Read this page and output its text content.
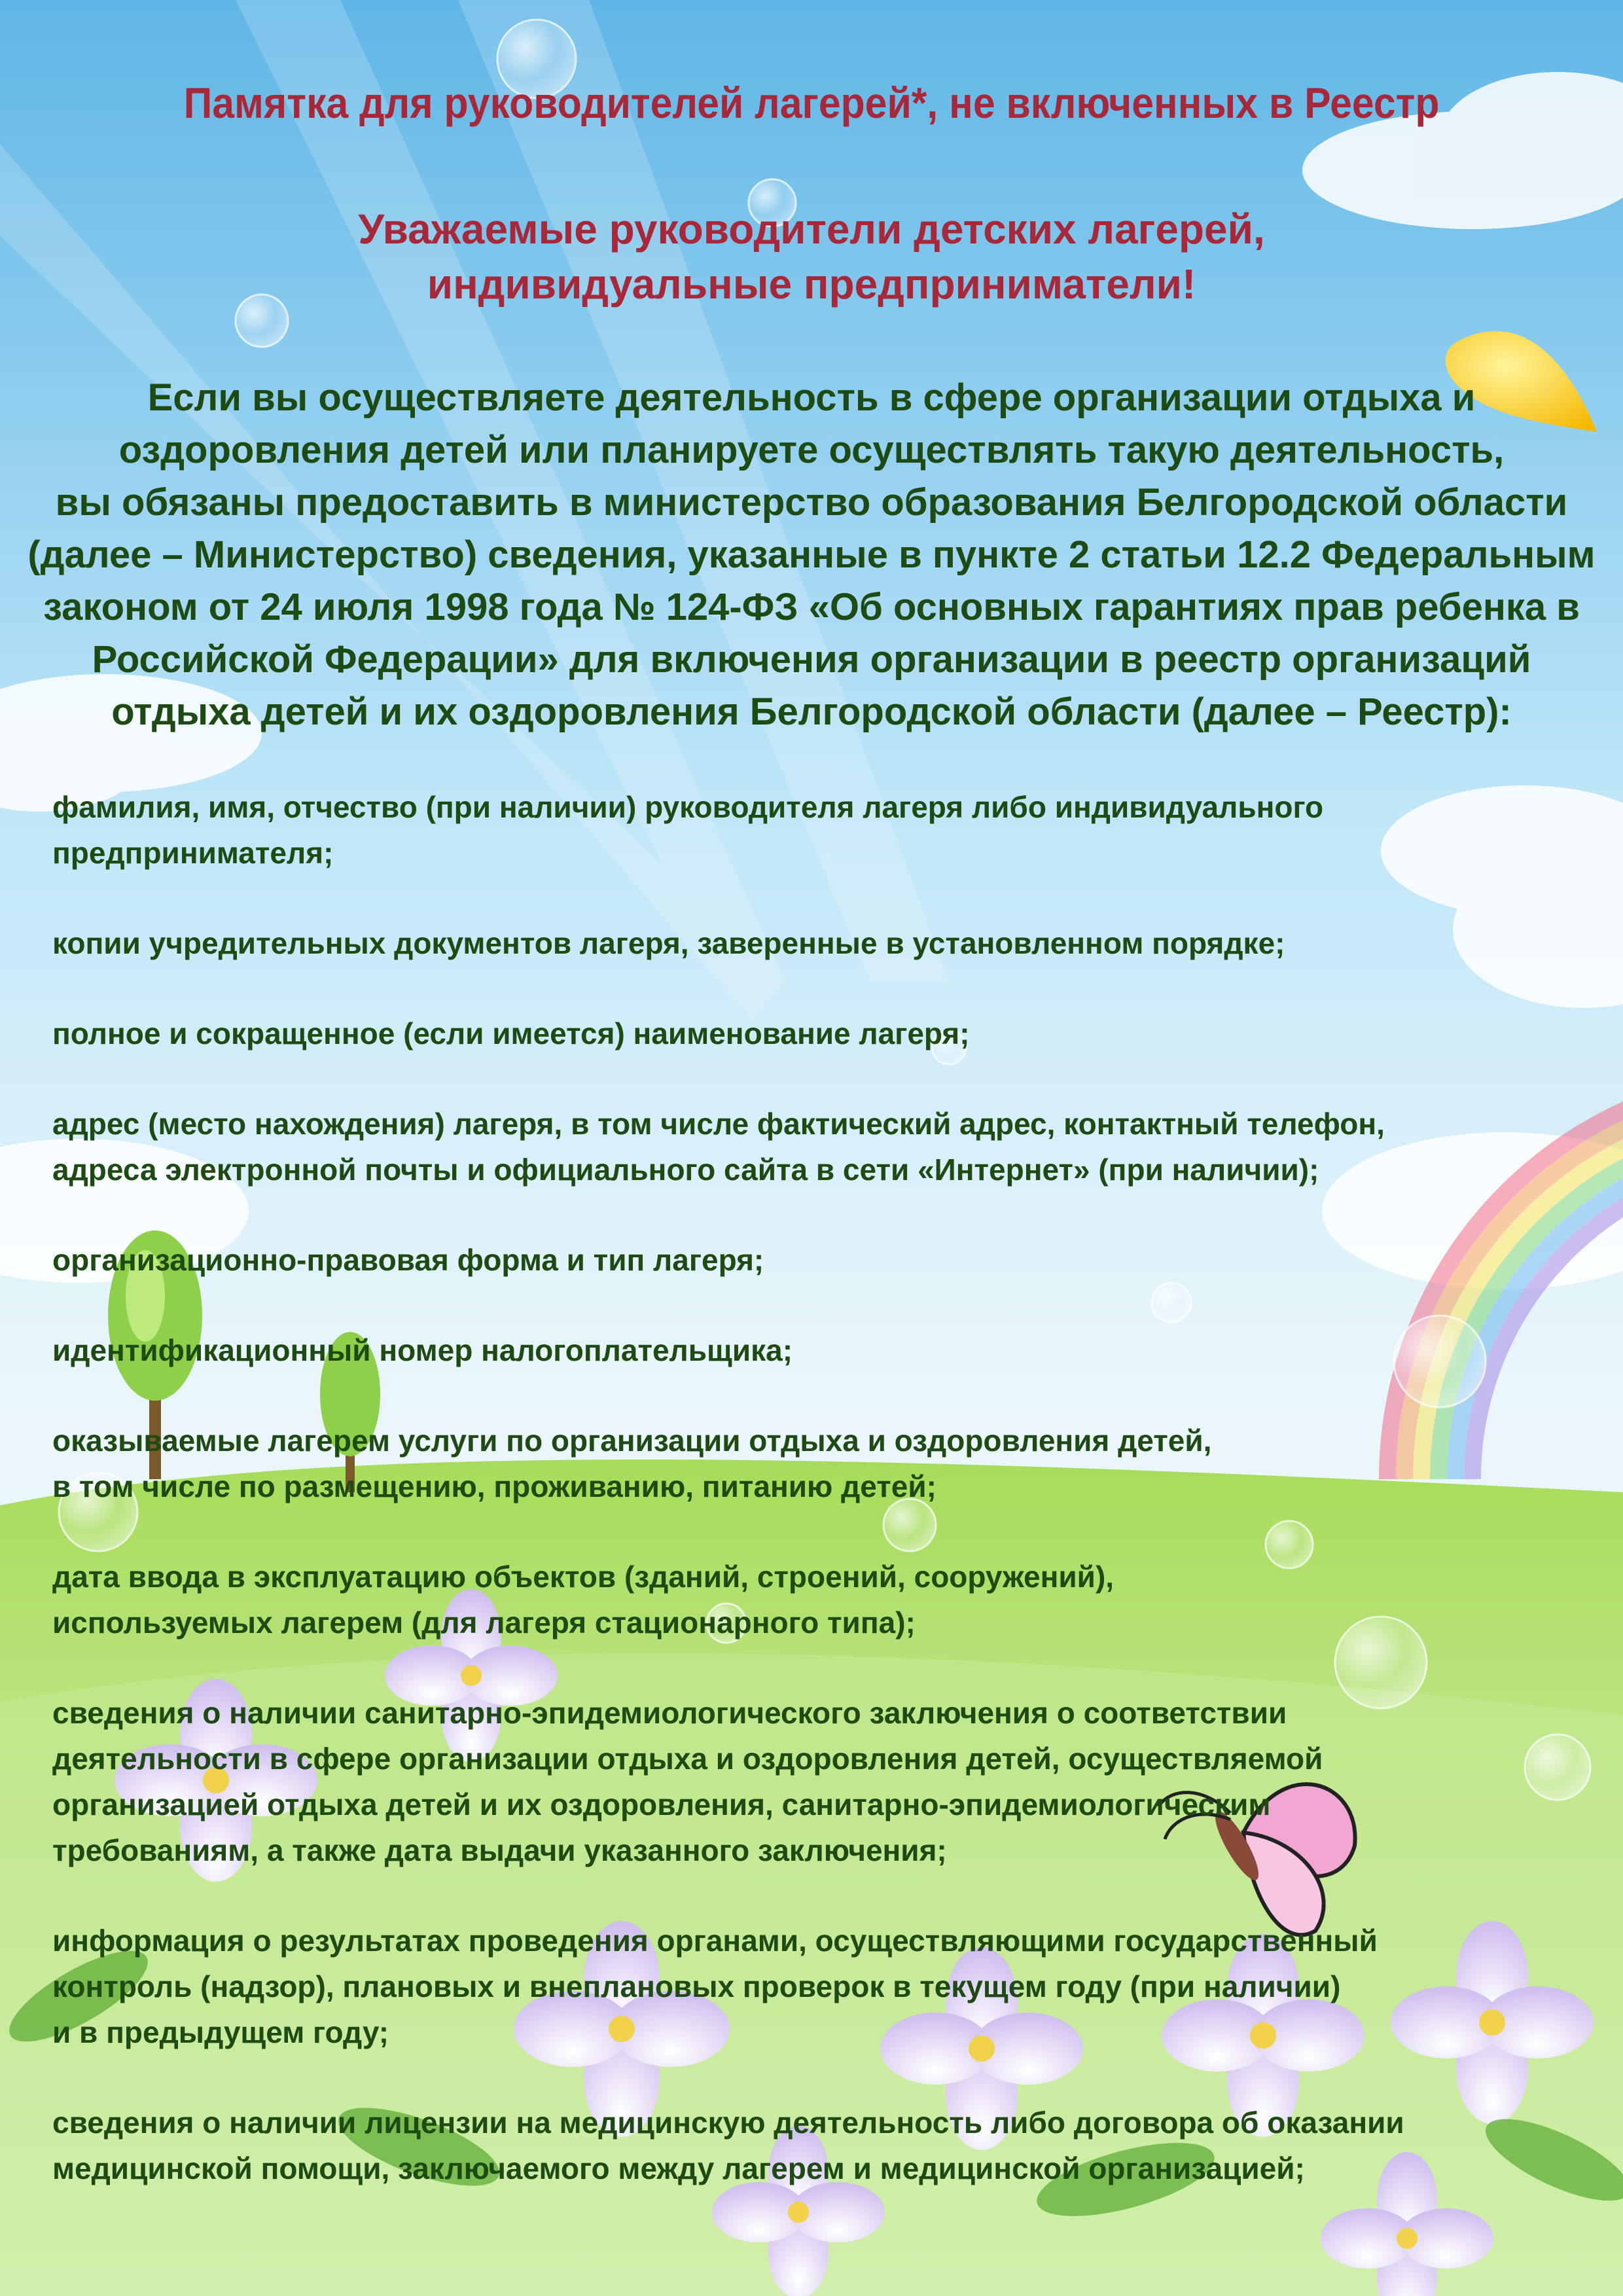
Памятка для руководителей лагерей*, не включенных в Реестр
Уважаемые руководители детских лагерей,
индивидуальные предприниматели!
Если вы осуществляете деятельность в сфере организации отдыха и
оздоровления детей или планируете осуществлять такую деятельность,
вы обязаны предоставить в министерство образования Белгородской области
(далее – Министерство) сведения, указанные в пункте 2 статьи 12.2 Федеральным
законом от 24 июля 1998 года № 124-ФЗ «Об основных гарантиях прав ребенка в
Российской Федерации» для включения организации в реестр организаций
отдыха детей и их оздоровления Белгородской области (далее – Реестр):
фамилия, имя, отчество (при наличии) руководителя лагеря либо индивидуального
предпринимателя;
копии учредительных документов лагеря, заверенные в установленном порядке;
полное и сокращенное (если имеется) наименование лагеря;
адрес (место нахождения) лагеря, в том числе фактический адрес, контактный телефон,
адреса электронной почты и официального сайта в сети «Интернет» (при наличии);
организационно-правовая форма и тип лагеря;
идентификационный номер налогоплательщика;
оказываемые лагерем услуги по организации отдыха и оздоровления детей,
в том числе по размещению, проживанию, питанию детей;
дата ввода в эксплуатацию объектов (зданий, строений, сооружений),
используемых лагерем (для лагеря стационарного типа);
сведения о наличии санитарно-эпидемиологического заключения о соответствии
деятельности в сфере организации отдыха и оздоровления детей, осуществляемой
организацией отдыха детей и их оздоровления, санитарно-эпидемиологическим
требованиям, а также дата выдачи указанного заключения;
информация о результатах проведения органами, осуществляющими государственный
контроль (надзор), плановых и внеплановых проверок в текущем году (при наличии)
и в предыдущем году;
сведения о наличии лицензии на медицинскую деятельность либо договора об оказании
медицинской помощи, заключаемого между лагерем и медицинской организацией;
